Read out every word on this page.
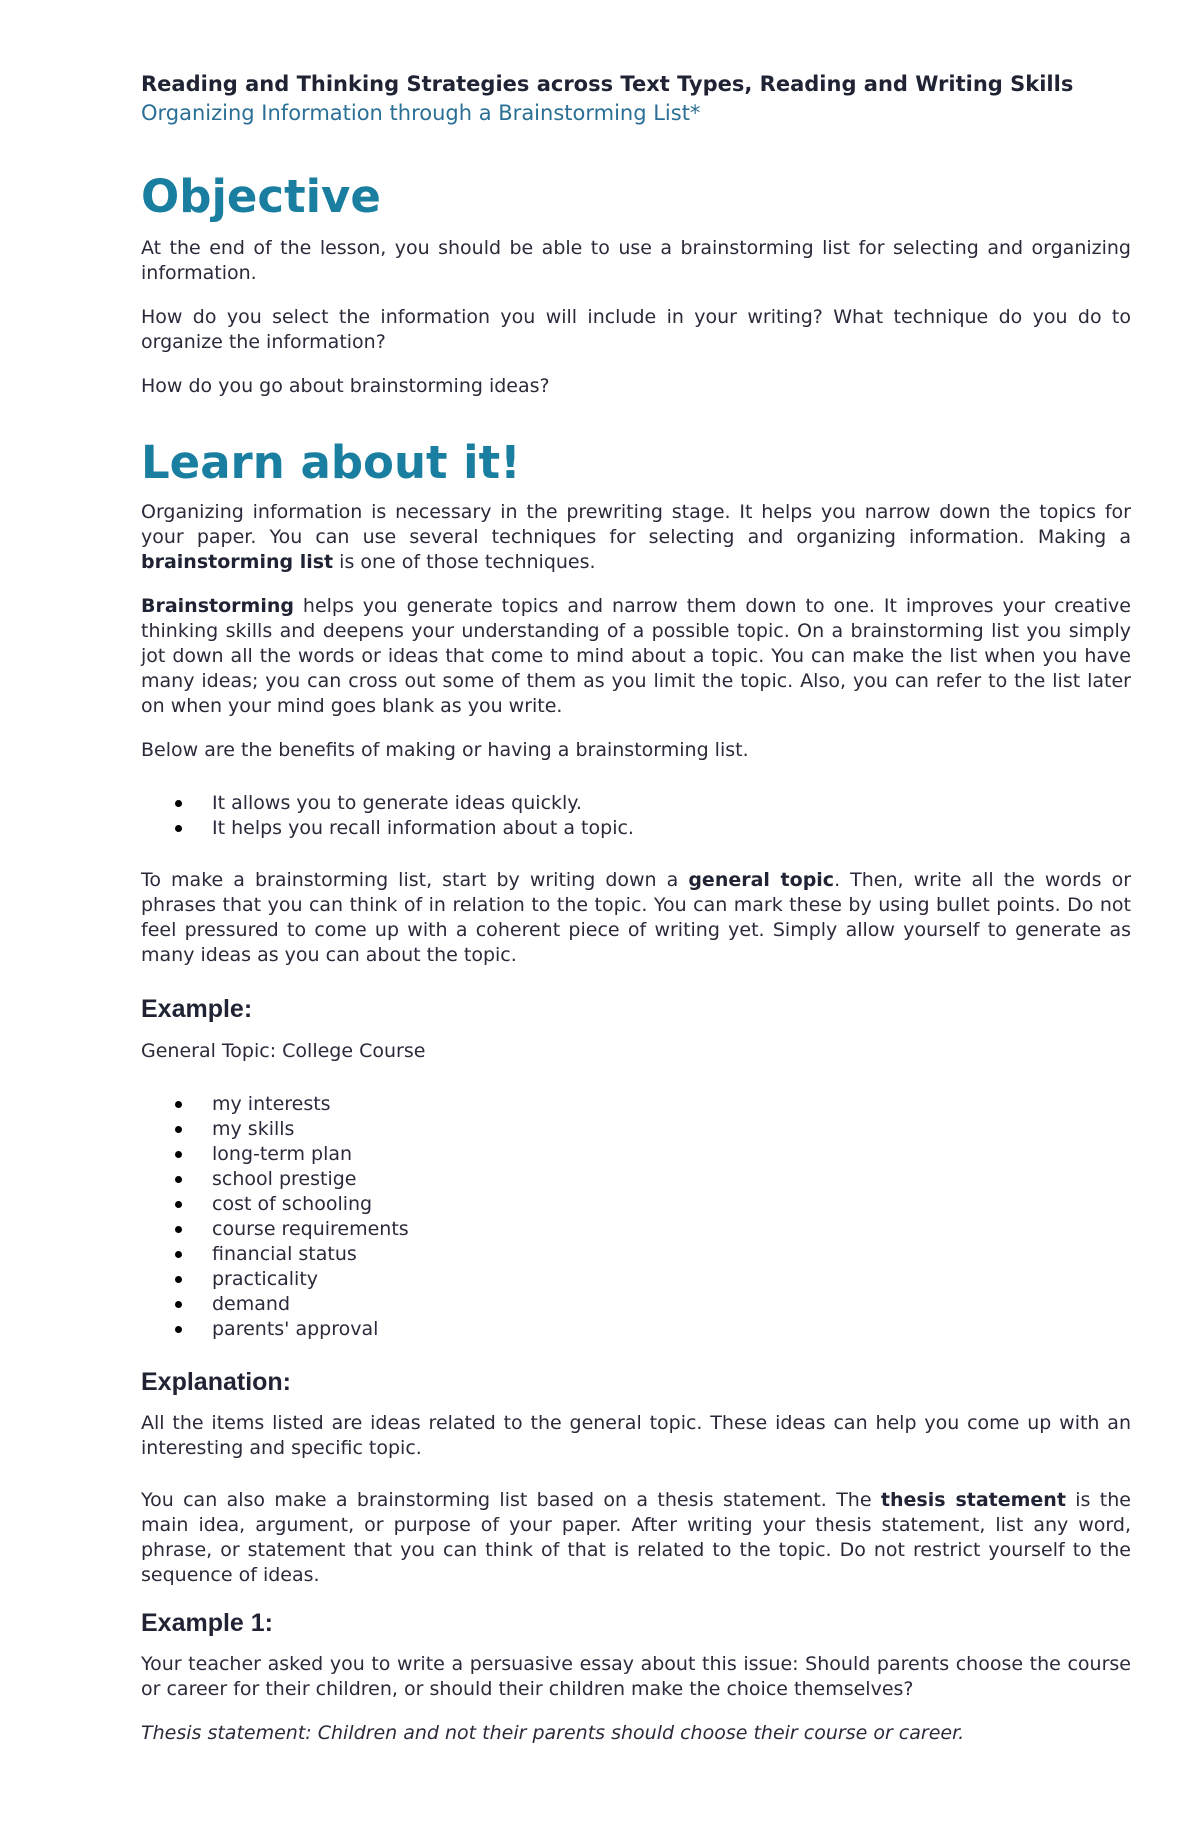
Reading and Thinking Strategies across Text Types, Reading and Writing Skills
Organizing Information through a Brainstorming List*
Objective

At the end of the lesson, you should be able to use a brainstorming list for selecting and organizing information.

How do you select the information you will include in your writing? What technique do you do to organize the information?

How do you go about brainstorming ideas?

Learn about it!

Organizing information is necessary in the prewriting stage. It helps you narrow down the topics for your paper. You can use several techniques for selecting and organizing information. Making a brainstorming list is one of those techniques.

Brainstorming helps you generate topics and narrow them down to one. It improves your creative thinking skills and deepens your understanding of a possible topic. On a brainstorming list you simply jot down all the words or ideas that come to mind about a topic. You can make the list when you have many ideas; you can cross out some of them as you limit the topic. Also, you can refer to the list later on when your mind goes blank as you write.

Below are the benefits of making or having a brainstorming list.

It allows you to generate ideas quickly.
It helps you recall information about a topic.

To make a brainstorming list, start by writing down a general topic. Then, write all the words or phrases that you can think of in relation to the topic. You can mark these by using bullet points. Do not feel pressured to come up with a coherent piece of writing yet. Simply allow yourself to generate as many ideas as you can about the topic.

Example:

General Topic: College Course

my interests
my skills
long-term plan
school prestige
cost of schooling
course requirements
financial status
practicality
demand
parents' approval
Explanation:

All the items listed are ideas related to the general topic. These ideas can help you come up with an interesting and specific topic.

You can also make a brainstorming list based on a thesis statement. The thesis statement is the main idea, argument, or purpose of your paper. After writing your thesis statement, list any word, phrase, or statement that you can think of that is related to the topic. Do not restrict yourself to the sequence of ideas.

Example 1:

Your teacher asked you to write a persuasive essay about this issue: Should parents choose the course or career for their children, or should their children make the choice themselves?

Thesis statement: Children and not their parents should choose their course or career.
